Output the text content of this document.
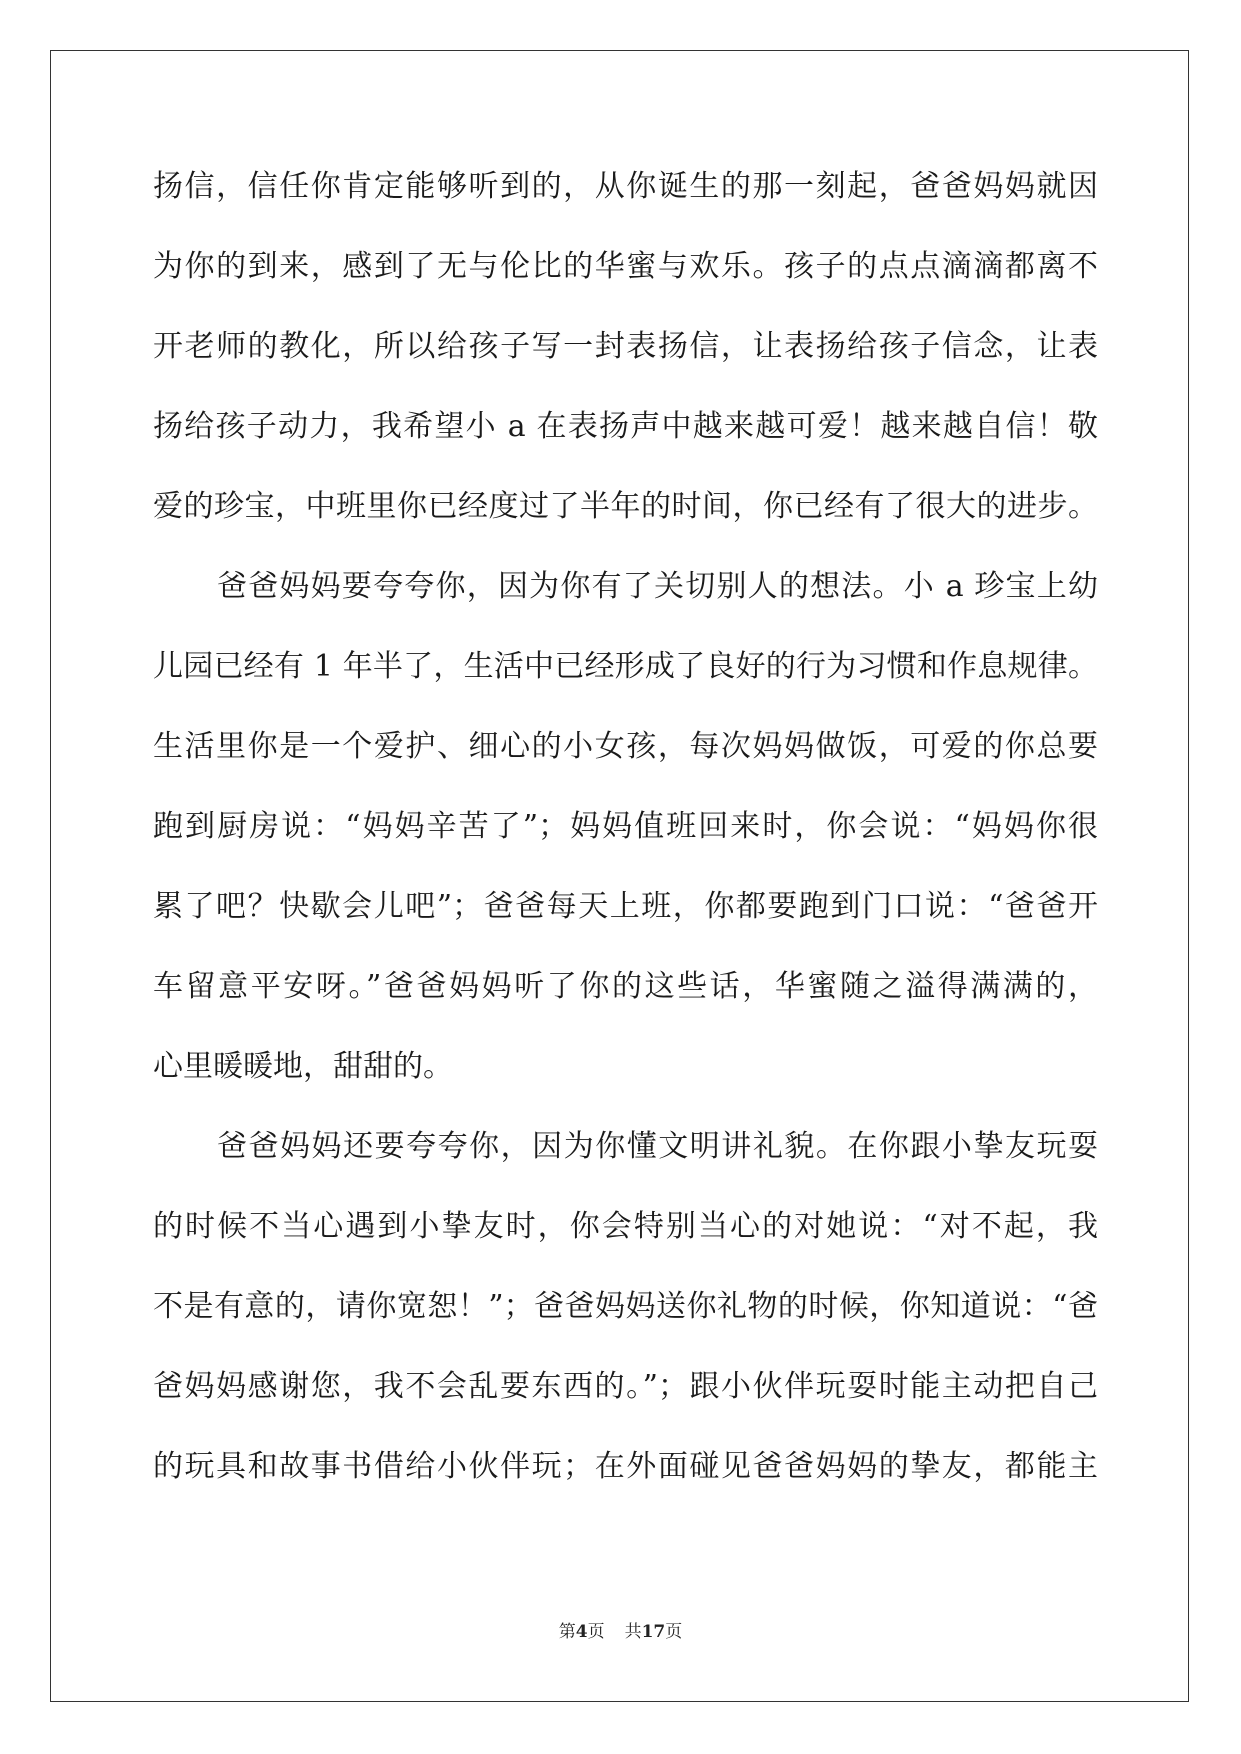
扬信，信任你肯定能够听到的，从你诞生的那一刻起，爸爸妈妈就因
为你的到来，感到了无与伦比的华蜜与欢乐。孩子的点点滴滴都离不
开老师的教化，所以给孩子写一封表扬信，让表扬给孩子信念，让表
扬给孩子动力，我希望小 a 在表扬声中越来越可爱！越来越自信！敬
爱的珍宝，中班里你已经度过了半年的时间，你已经有了很大的进步。
爸爸妈妈要夸夸你，因为你有了关切别人的想法。小 a 珍宝上幼
儿园已经有 1 年半了，生活中已经形成了良好的行为习惯和作息规律。
生活里你是一个爱护、细心的小女孩，每次妈妈做饭，可爱的你总要
跑到厨房说：“妈妈辛苦了”；妈妈值班回来时，你会说：“妈妈你很
累了吧？快歇会儿吧”；爸爸每天上班，你都要跑到门口说：“爸爸开
车留意平安呀。”爸爸妈妈听了你的这些话，华蜜随之溢得满满的，
心里暖暖地，甜甜的。
爸爸妈妈还要夸夸你，因为你懂文明讲礼貌。在你跟小挚友玩耍
的时候不当心遇到小挚友时，你会特别当心的对她说：“对不起，我
不是有意的，请你宽恕！”；爸爸妈妈送你礼物的时候，你知道说：“爸
爸妈妈感谢您，我不会乱要东西的。”；跟小伙伴玩耍时能主动把自己
的玩具和故事书借给小伙伴玩；在外面碰见爸爸妈妈的挚友，都能主
第4页 共17页
